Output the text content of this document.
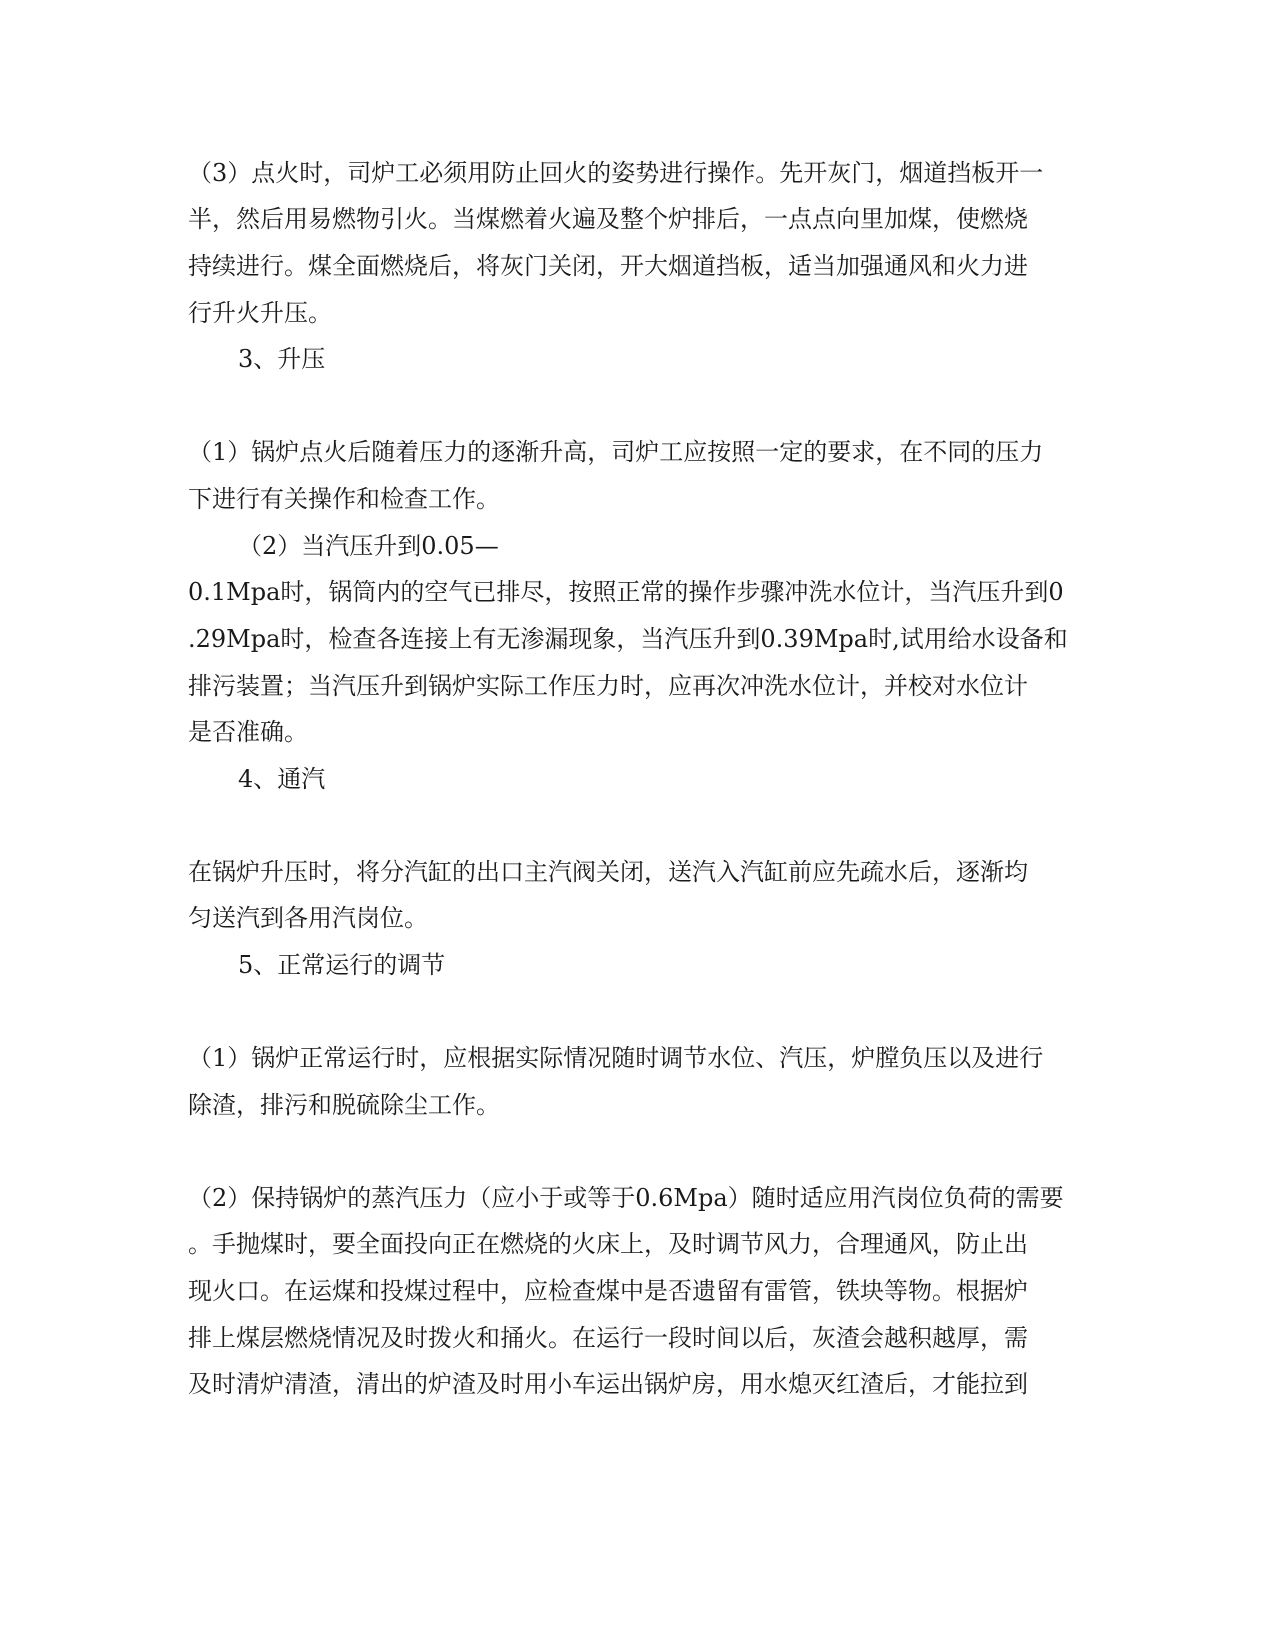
（3）点火时，司炉工必须用防止回火的姿势进行操作。先开灰门，烟道挡板开一

半，然后用易燃物引火。当煤燃着火遍及整个炉排后，一点点向里加煤，使燃烧

持续进行。煤全面燃烧后，将灰门关闭，开大烟道挡板，适当加强通风和火力进

行升火升压。

3、升压

（1）锅炉点火后随着压力的逐渐升高，司炉工应按照一定的要求，在不同的压力

下进行有关操作和检查工作。

（2）当汽压升到0.05—

0.1Mpa时，锅筒内的空气已排尽，按照正常的操作步骤冲洗水位计，当汽压升到0

.29Mpa时，检查各连接上有无渗漏现象，当汽压升到0.39Mpa时,试用给水设备和

排污装置；当汽压升到锅炉实际工作压力时，应再次冲洗水位计，并校对水位计

是否准确。

4、通汽

在锅炉升压时，将分汽缸的出口主汽阀关闭，送汽入汽缸前应先疏水后，逐渐均

匀送汽到各用汽岗位。

5、正常运行的调节

（1）锅炉正常运行时，应根据实际情况随时调节水位、汽压，炉膛负压以及进行

除渣，排污和脱硫除尘工作。

（2）保持锅炉的蒸汽压力（应小于或等于0.6Mpa）随时适应用汽岗位负荷的需要

。手抛煤时，要全面投向正在燃烧的火床上，及时调节风力，合理通风，防止出

现火口。在运煤和投煤过程中，应检查煤中是否遗留有雷管，铁块等物。根据炉

排上煤层燃烧情况及时拨火和捅火。在运行一段时间以后，灰渣会越积越厚，需

及时清炉清渣，清出的炉渣及时用小车运出锅炉房，用水熄灭红渣后，才能拉到
